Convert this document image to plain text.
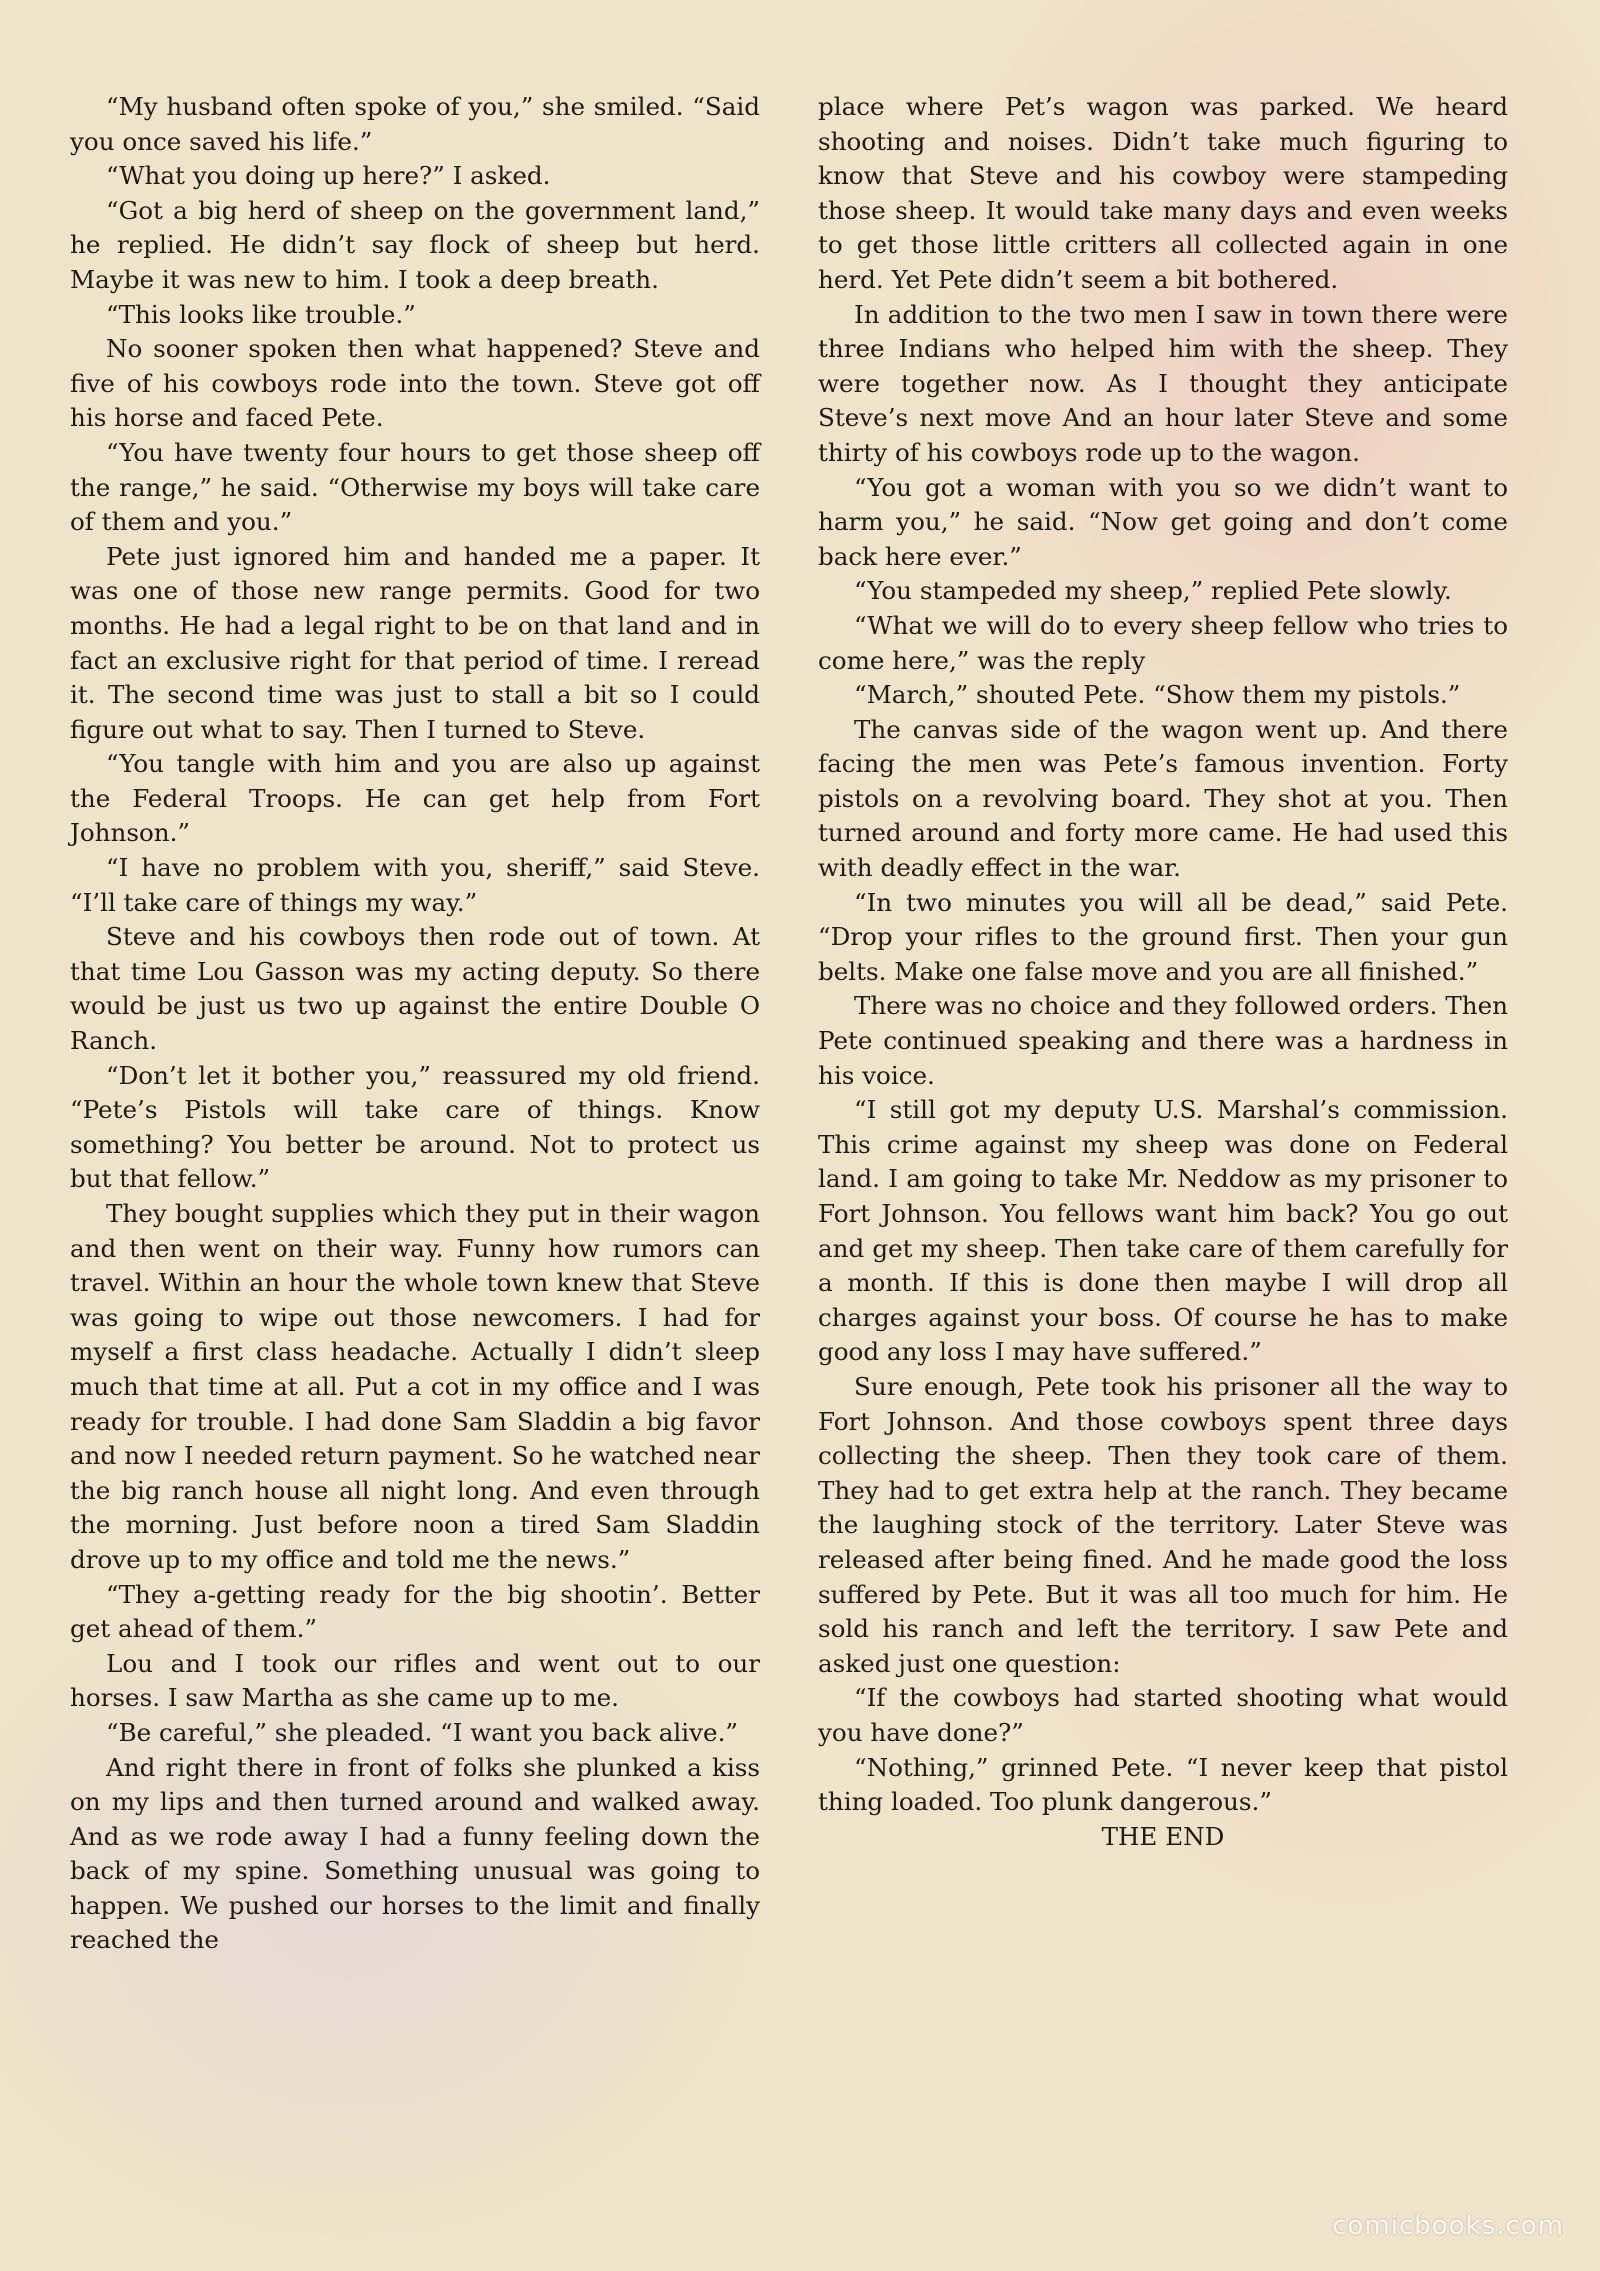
“My husband often spoke of you,” she smiled. “Said you once saved his life.”

“What you doing up here?” I asked.

“Got a big herd of sheep on the government land,” he replied. He didn’t say flock of sheep but herd. Maybe it was new to him. I took a deep breath.

“This looks like trouble.”

No sooner spoken then what happened? Steve and five of his cowboys rode into the town. Steve got off his horse and faced Pete.

“You have twenty four hours to get those sheep off the range,” he said. “Otherwise my boys will take care of them and you.”

Pete just ignored him and handed me a paper. It was one of those new range permits. Good for two months. He had a legal right to be on that land and in fact an exclusive right for that period of time. I reread it. The second time was just to stall a bit so I could figure out what to say. Then I turned to Steve.

“You tangle with him and you are also up against the Federal Troops. He can get help from Fort Johnson.”

“I have no problem with you, sheriff,” said Steve. “I’ll take care of things my way.”

Steve and his cowboys then rode out of town. At that time Lou Gasson was my acting deputy. So there would be just us two up against the entire Double O Ranch.

“Don’t let it bother you,” reassured my old friend. “Pete’s Pistols will take care of things. Know something? You better be around. Not to protect us but that fellow.”

They bought supplies which they put in their wagon and then went on their way. Funny how rumors can travel. Within an hour the whole town knew that Steve was going to wipe out those newcomers. I had for myself a first class headache. Actually I didn’t sleep much that time at all. Put a cot in my office and I was ready for trouble. I had done Sam Sladdin a big favor and now I needed return payment. So he watched near the big ranch house all night long. And even through the morning. Just before noon a tired Sam Sladdin drove up to my office and told me the news.”

“They a-getting ready for the big shootin’. Better get ahead of them.”

Lou and I took our rifles and went out to our horses. I saw Martha as she came up to me.

“Be careful,” she pleaded. “I want you back alive.”

And right there in front of folks she plunked a kiss on my lips and then turned around and walked away. And as we rode away I had a funny feeling down the back of my spine. Something unusual was going to happen. We pushed our horses to the limit and finally reached the

place where Pet’s wagon was parked. We heard shooting and noises. Didn’t take much figuring to know that Steve and his cowboy were stampeding those sheep. It would take many days and even weeks to get those little critters all collected again in one herd. Yet Pete didn’t seem a bit bothered.

In addition to the two men I saw in town there were three Indians who helped him with the sheep. They were together now. As I thought they anticipate Steve’s next move And an hour later Steve and some thirty of his cowboys rode up to the wagon.

“You got a woman with you so we didn’t want to harm you,” he said. “Now get going and don’t come back here ever.”

“You stampeded my sheep,” replied Pete slowly.

“What we will do to every sheep fellow who tries to come here,” was the reply

“March,” shouted Pete. “Show them my pistols.”

The canvas side of the wagon went up. And there facing the men was Pete’s famous invention. Forty pistols on a revolving board. They shot at you. Then turned around and forty more came. He had used this with deadly effect in the war.

“In two minutes you will all be dead,” said Pete. “Drop your rifles to the ground first. Then your gun belts. Make one false move and you are all finished.”

There was no choice and they followed orders. Then Pete continued speaking and there was a hardness in his voice.

“I still got my deputy U.S. Marshal’s commission. This crime against my sheep was done on Federal land. I am going to take Mr. Neddow as my prisoner to Fort Johnson. You fellows want him back? You go out and get my sheep. Then take care of them carefully for a month. If this is done then maybe I will drop all charges against your boss. Of course he has to make good any loss I may have suffered.”

Sure enough, Pete took his prisoner all the way to Fort Johnson. And those cowboys spent three days collecting the sheep. Then they took care of them. They had to get extra help at the ranch. They became the laughing stock of the territory. Later Steve was released after being fined. And he made good the loss suffered by Pete. But it was all too much for him. He sold his ranch and left the territory. I saw Pete and asked just one question:

“If the cowboys had started shooting what would you have done?”

“Nothing,” grinned Pete. “I never keep that pistol thing loaded. Too plunk dangerous.”

THE END

comicbooks.com
